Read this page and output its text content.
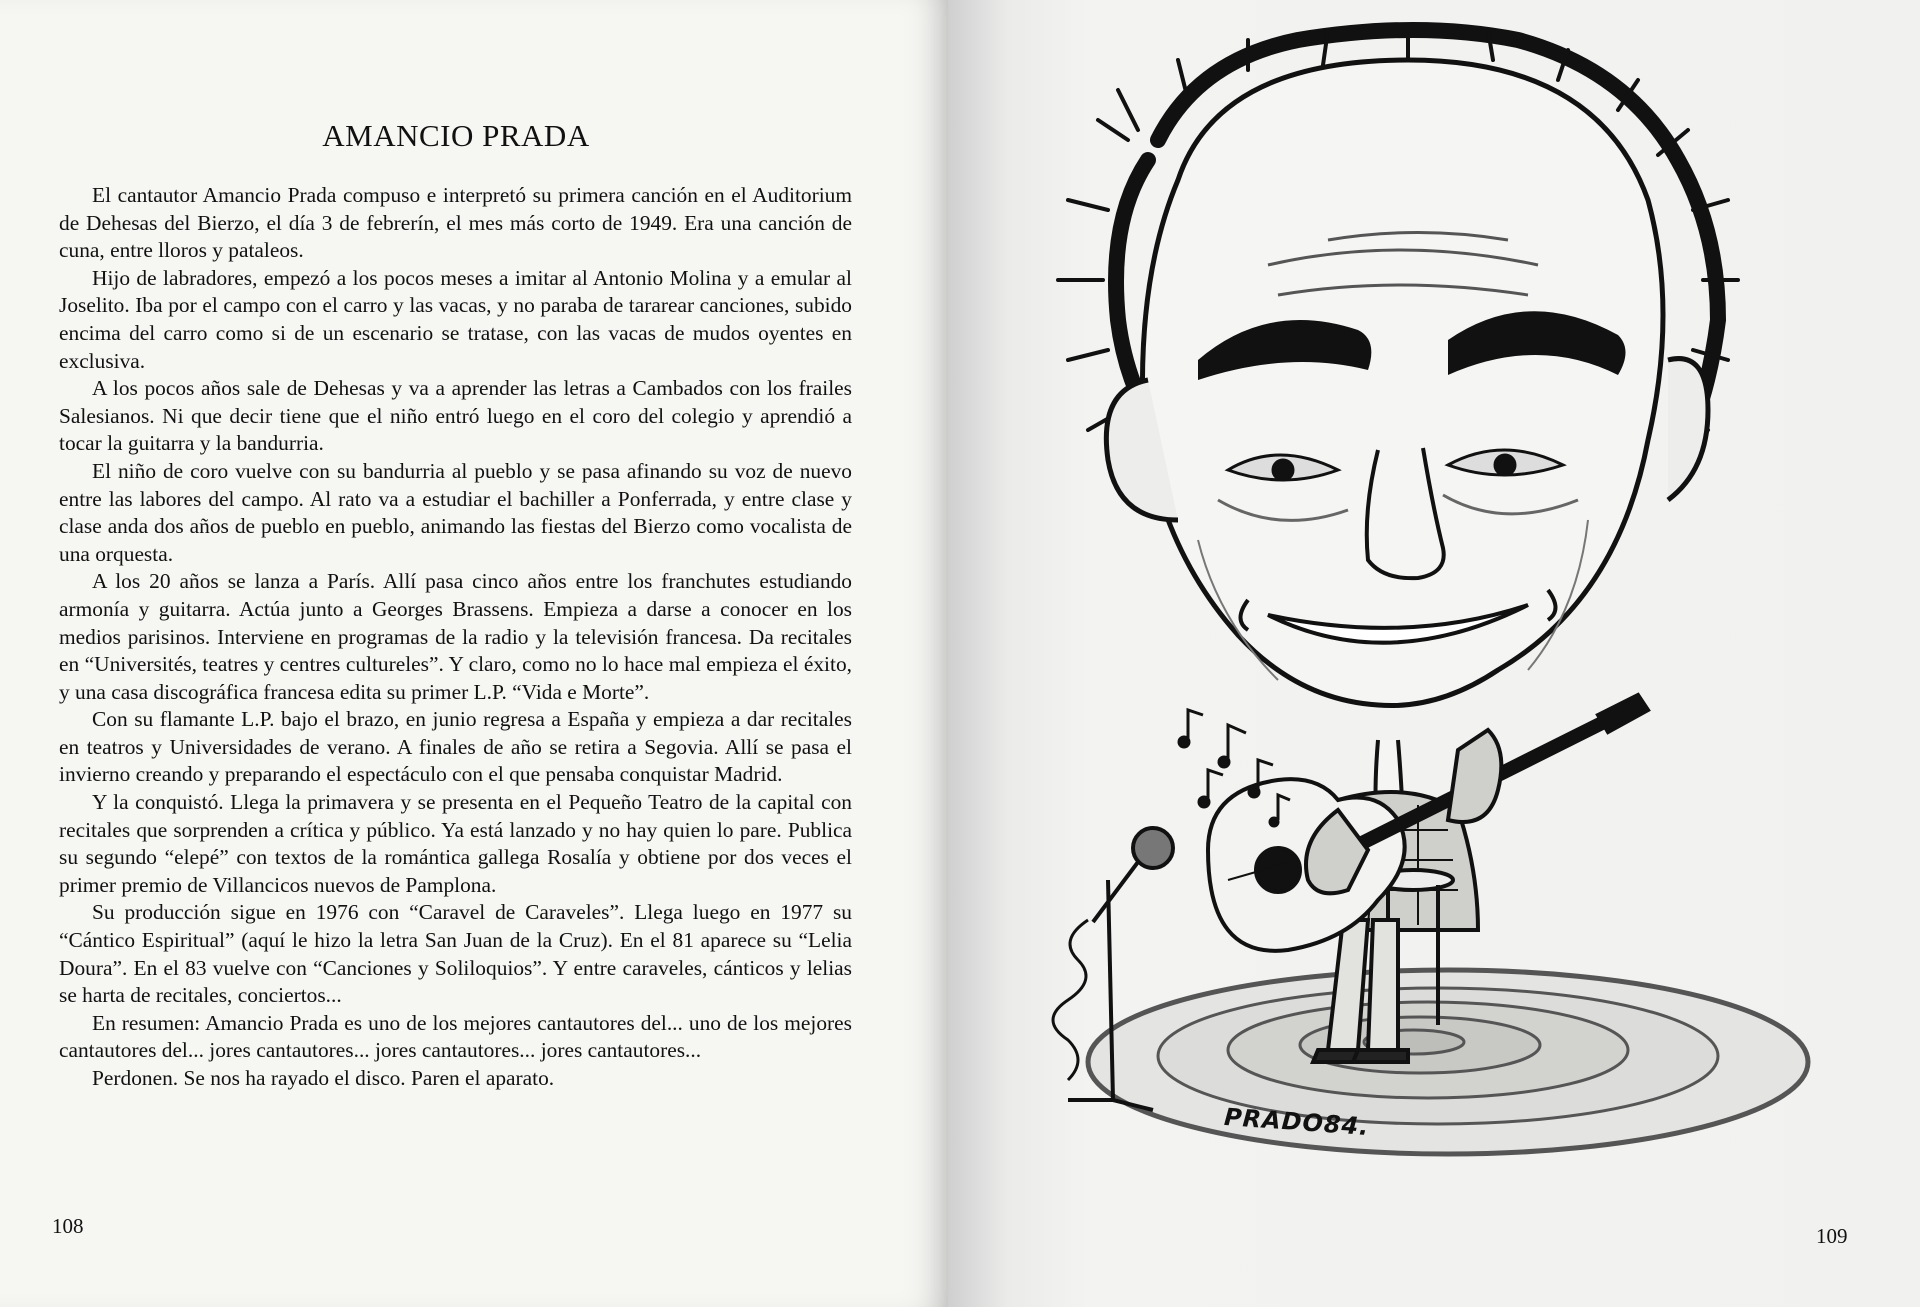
AMANCIO PRADA

El cantautor Amancio Prada compuso e interpretó su primera canción en el Auditorium de Dehesas del Bierzo, el día 3 de febrerín, el mes más corto de 1949. Era una canción de cuna, entre lloros y pataleos.

Hijo de labradores, empezó a los pocos meses a imitar al Antonio Molina y a emular al Joselito. Iba por el campo con el carro y las vacas, y no paraba de tararear canciones, subido encima del carro como si de un escenario se tratase, con las vacas de mudos oyentes en exclusiva.

A los pocos años sale de Dehesas y va a aprender las letras a Cambados con los frailes Salesianos. Ni que decir tiene que el niño entró luego en el coro del colegio y aprendió a tocar la guitarra y la bandurria.

El niño de coro vuelve con su bandurria al pueblo y se pasa afinando su voz de nuevo entre las labores del campo. Al rato va a estudiar el bachiller a Ponferrada, y entre clase y clase anda dos años de pueblo en pueblo, animando las fiestas del Bierzo como vocalista de una orquesta.

A los 20 años se lanza a París. Allí pasa cinco años entre los franchutes estudiando armonía y guitarra. Actúa junto a Georges Brassens. Empieza a darse a conocer en los medios parisinos. Interviene en programas de la radio y la televisión francesa. Da recitales en “Universités, teatres y centres cultureles”. Y claro, como no lo hace mal empieza el éxito, y una casa discográfica francesa edita su primer L.P. “Vida e Morte”.

Con su flamante L.P. bajo el brazo, en junio regresa a España y empieza a dar recitales en teatros y Universidades de verano. A finales de año se retira a Segovia. Allí se pasa el invierno creando y preparando el espectáculo con el que pensaba conquistar Madrid.

Y la conquistó. Llega la primavera y se presenta en el Pequeño Teatro de la capital con recitales que sorprenden a crítica y público. Ya está lanzado y no hay quien lo pare. Publica su segundo “elepé” con textos de la romántica gallega Rosalía y obtiene por dos veces el primer premio de Villancicos nuevos de Pamplona.

Su producción sigue en 1976 con “Caravel de Caraveles”. Llega luego en 1977 su “Cántico Espiritual” (aquí le hizo la letra San Juan de la Cruz). En el 81 aparece su “Lelia Doura”. En el 83 vuelve con “Canciones y Soliloquios”. Y entre caraveles, cánticos y lelias se harta de recitales, conciertos...

En resumen: Amancio Prada es uno de los mejores cantautores del... uno de los mejores cantautores del... jores cantautores... jores cantautores... jores cantautores...

Perdonen. Se nos ha rayado el disco. Paren el aparato.

108
PRADO84.
109
